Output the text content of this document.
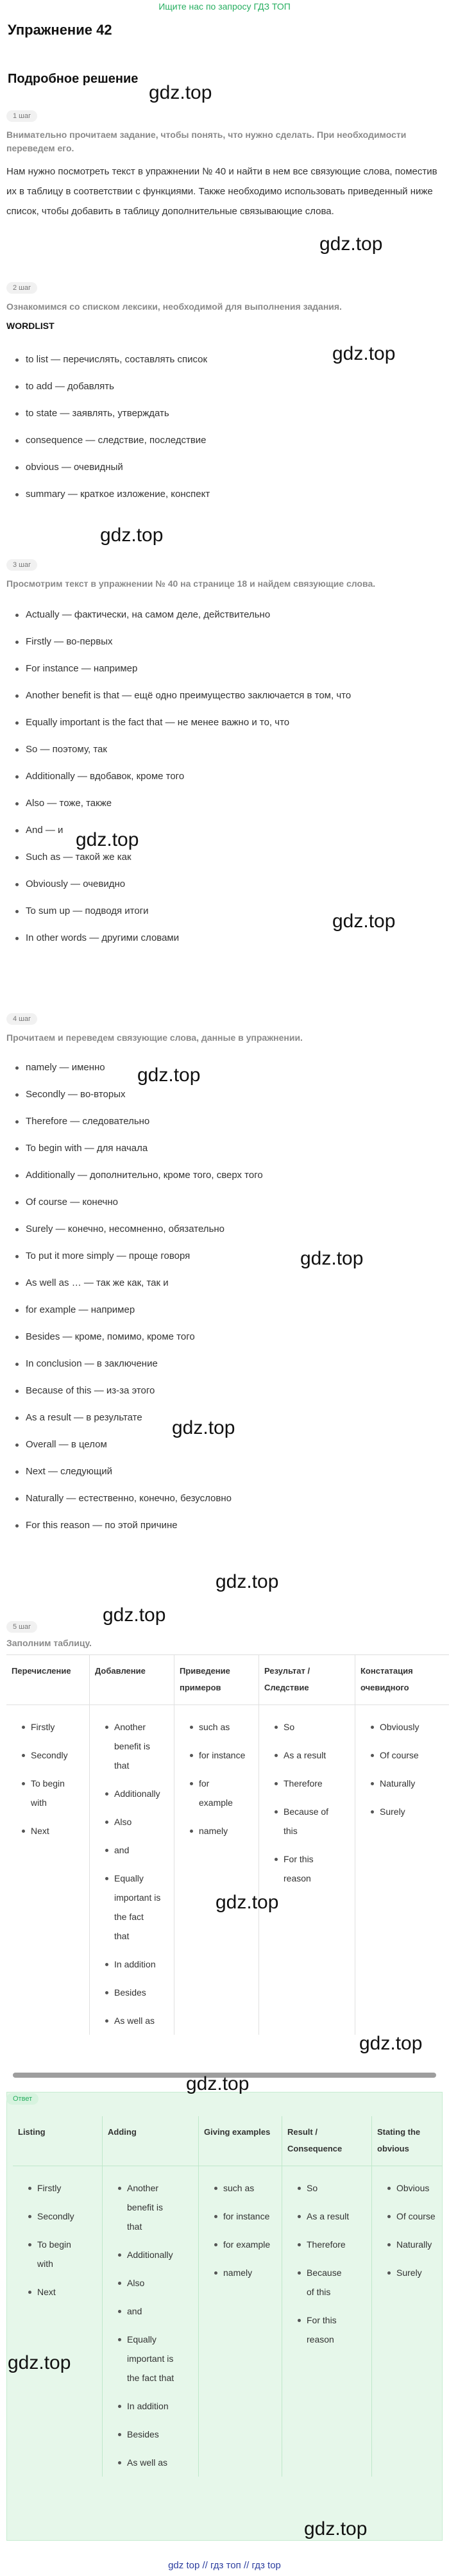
Ищите нас по запросу ГДЗ ТОП
Упражнение 42
Подробное решение
1 шаг
Внимательно прочитаем задание, чтобы понять, что нужно сделать. При необходимости переведем его.
Нам нужно посмотреть текст в упражнении № 40 и найти в нем все связующие слова, поместив их в таблицу в соответствии с функциями. Также необходимо использовать приведенный ниже список, чтобы добавить в таблицу дополнительные связывающие слова.
2 шаг
Ознакомимся со списком лексики, необходимой для выполнения задания.
WORDLIST
to list — перечислять, составлять список
to add — добавлять
to state — заявлять, утверждать
consequence — следствие, последствие
obvious — очевидный
summary — краткое изложение, конспект
3 шаг
Просмотрим текст в упражнении № 40 на странице 18 и найдем связующие слова.
Actually — фактически, на самом деле, действительно
Firstly — во-первых
For instance — например
Another benefit is that — ещё одно преимущество заключается в том, что
Equally important is the fact that — не менее важно и то, что
So — поэтому, так
Additionally — вдобавок, кроме того
Also — тоже, также
And — и
Such as — такой же как
Obviously — очевидно
To sum up — подводя итоги
In other words — другими словами
4 шаг
Прочитаем и переведем связующие слова, данные в упражнении.
namely — именно
Secondly — во-вторых
Therefore — следовательно
To begin with — для начала
Additionally — дополнительно, кроме того, сверх того
Of course — конечно
Surely — конечно, несомненно, обязательно
To put it more simply — проще говоря
As well as … — так же как, так и
for example — например
Besides — кроме, помимо, кроме того
In conclusion — в заключение
Because of this — из-за этого
As a result — в результате
Overall — в целом
Next — следующий
Naturally — естественно, конечно, безусловно
For this reason — по этой причине
5 шаг
Заполним таблицу.
Перечисление
Firstly
Secondly
To begin with
Next
Добавление
Another benefit is that
Additionally
Also
and
Equally important is the fact that
In addition
Besides
As well as
Приведение примеров
such as
for instance
for example
namely
Результат / Следствие
So
As a result
Therefore
Because of this
For this reason
Констатация очевидного
Obviously
Of course
Naturally
Surely
Ответ
Listing
Firstly
Secondly
To begin with
Next
Adding
Another benefit is that
Additionally
Also
and
Equally important is the fact that
In addition
Besides
As well as
Giving examples
such as
for instance
for example
namely
Result / Consequence
So
As a result
Therefore
Because of this
For this reason
Stating the obvious
Obvious
Of course
Naturally
Surely
gdz.top
gdz.top
gdz.top
gdz.top
gdz.top
gdz.top
gdz.top
gdz.top
gdz.top
gdz.top
gdz.top
gdz.top
gdz.top
gdz.top
gdz.top
gdz.top
gdz top // гдз топ // гдз top
